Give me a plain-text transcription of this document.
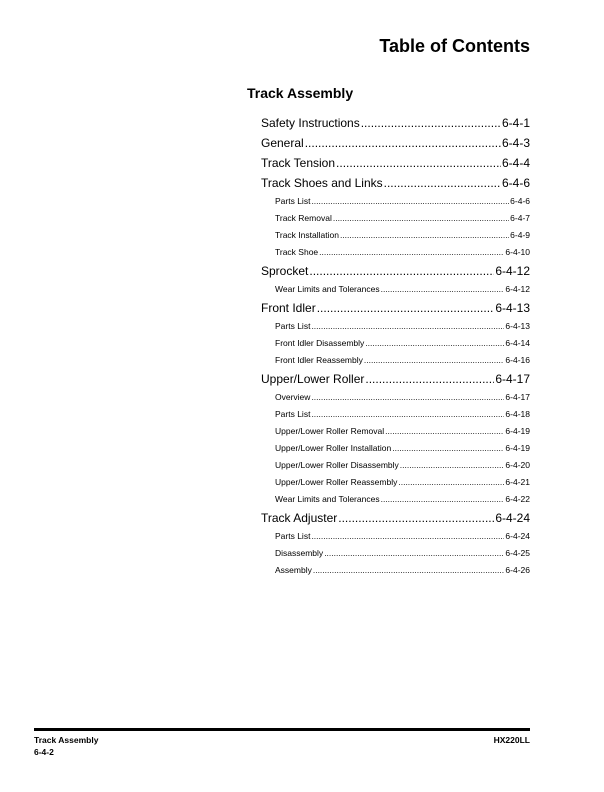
Table of Contents
Track Assembly
Safety Instructions .....	6-4-1
General .....	6-4-3
Track Tension .....	6-4-4
Track Shoes and Links .....	6-4-6
Parts List .....	6-4-6
Track Removal .....	6-4-7
Track Installation .....	6-4-9
Track Shoe .....	6-4-10
Sprocket .....	6-4-12
Wear Limits and Tolerances .....	6-4-12
Front Idler .....	6-4-13
Parts List .....	6-4-13
Front Idler Disassembly .....	6-4-14
Front Idler Reassembly .....	6-4-16
Upper/Lower Roller .....	6-4-17
Overview .....	6-4-17
Parts List .....	6-4-18
Upper/Lower Roller Removal .....	6-4-19
Upper/Lower Roller Installation .....	6-4-19
Upper/Lower Roller Disassembly .....	6-4-20
Upper/Lower Roller Reassembly .....	6-4-21
Wear Limits and Tolerances .....	6-4-22
Track Adjuster .....	6-4-24
Parts List .....	6-4-24
Disassembly .....	6-4-25
Assembly .....	6-4-26
Track Assembly
6-4-2
HX220LL
